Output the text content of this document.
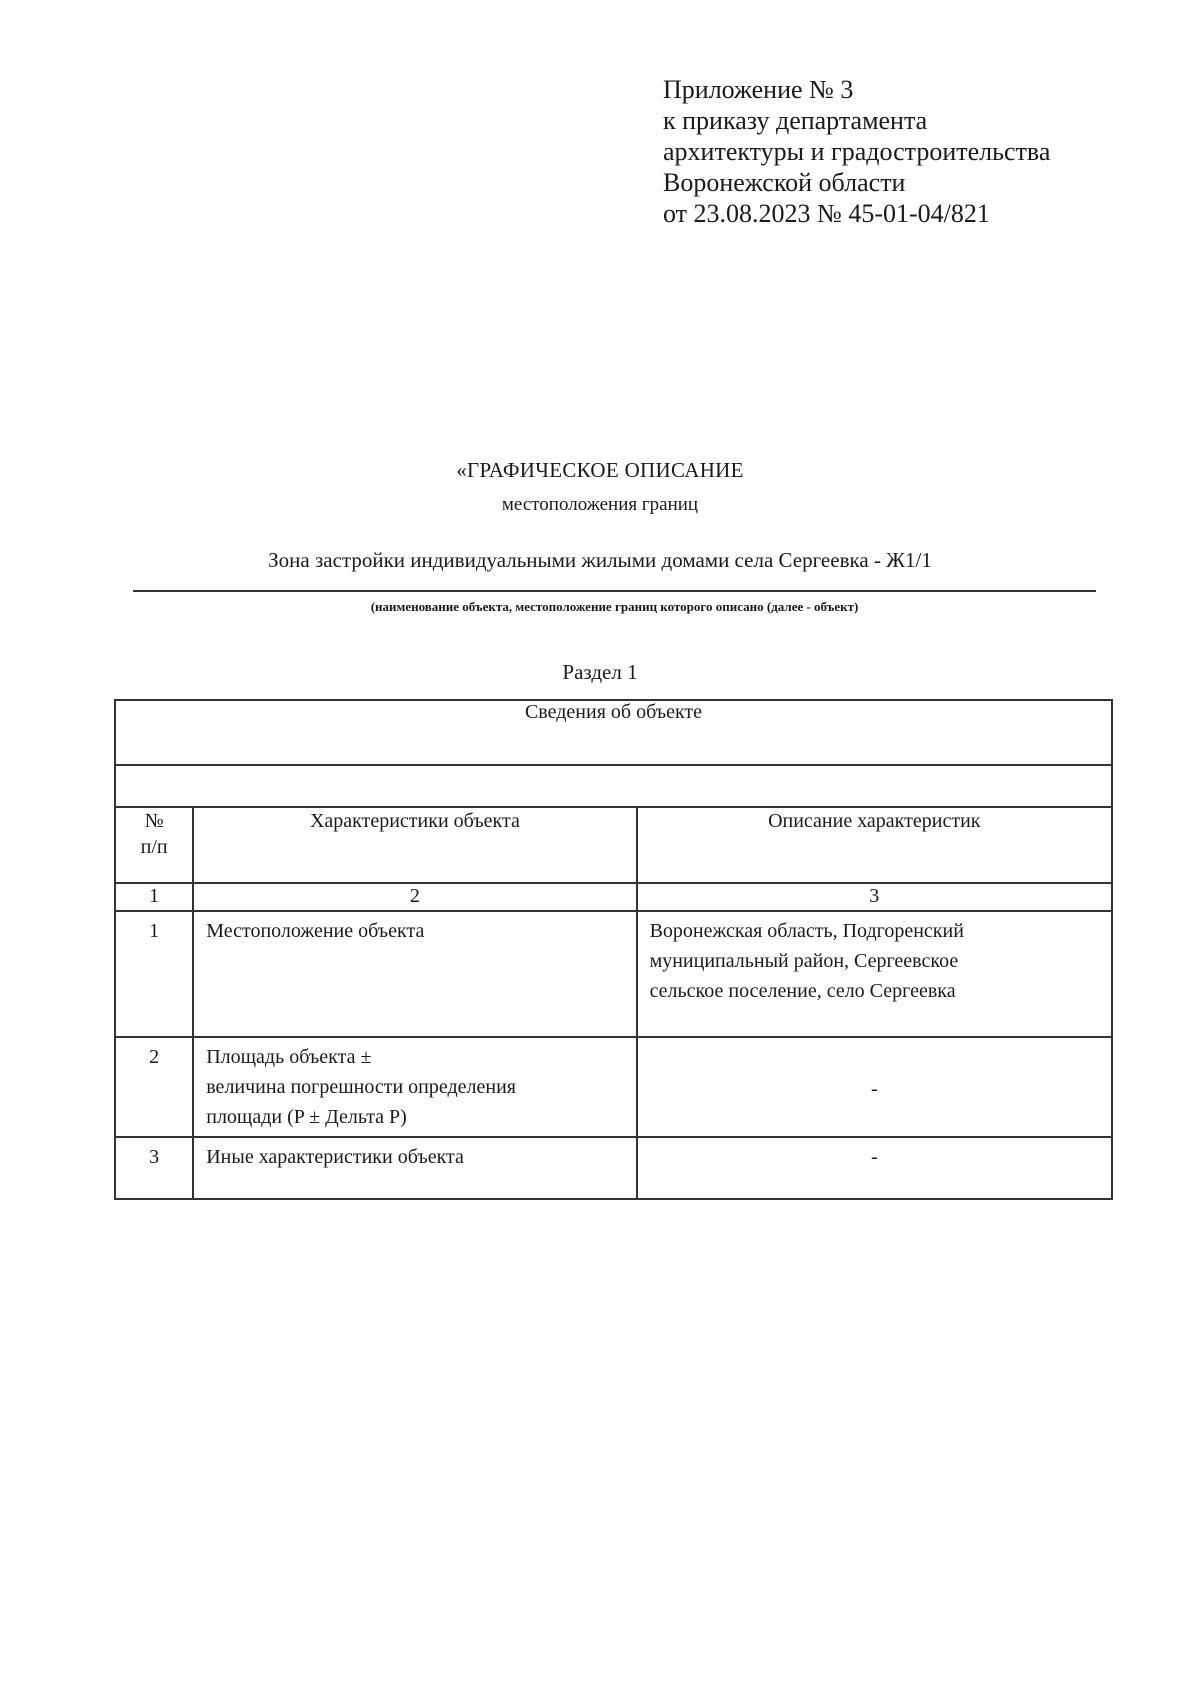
Приложение № 3
к приказу департамента
архитектуры и градостроительства
Воронежской области
от 23.08.2023 № 45-01-04/821
«ГРАФИЧЕСКОЕ ОПИСАНИЕ
местоположения границ
Зона застройки индивидуальными жилыми домами села Сергеевка - Ж1/1
(наименование объекта, местоположение границ которого описано (далее - объект)
Раздел 1
Сведения об объекте		

№
п/п	Характеристики объекта	Описание характеристик
1	2	3
1	Местоположение объекта	Воронежская область, Подгоренский
муниципальный район, Сергеевское
сельское поселение, село Сергеевка

2	Площадь объекта ±
величина погрешности определения
площади (P ± Дельта P)	-

3	Иные характеристики объекта	-
